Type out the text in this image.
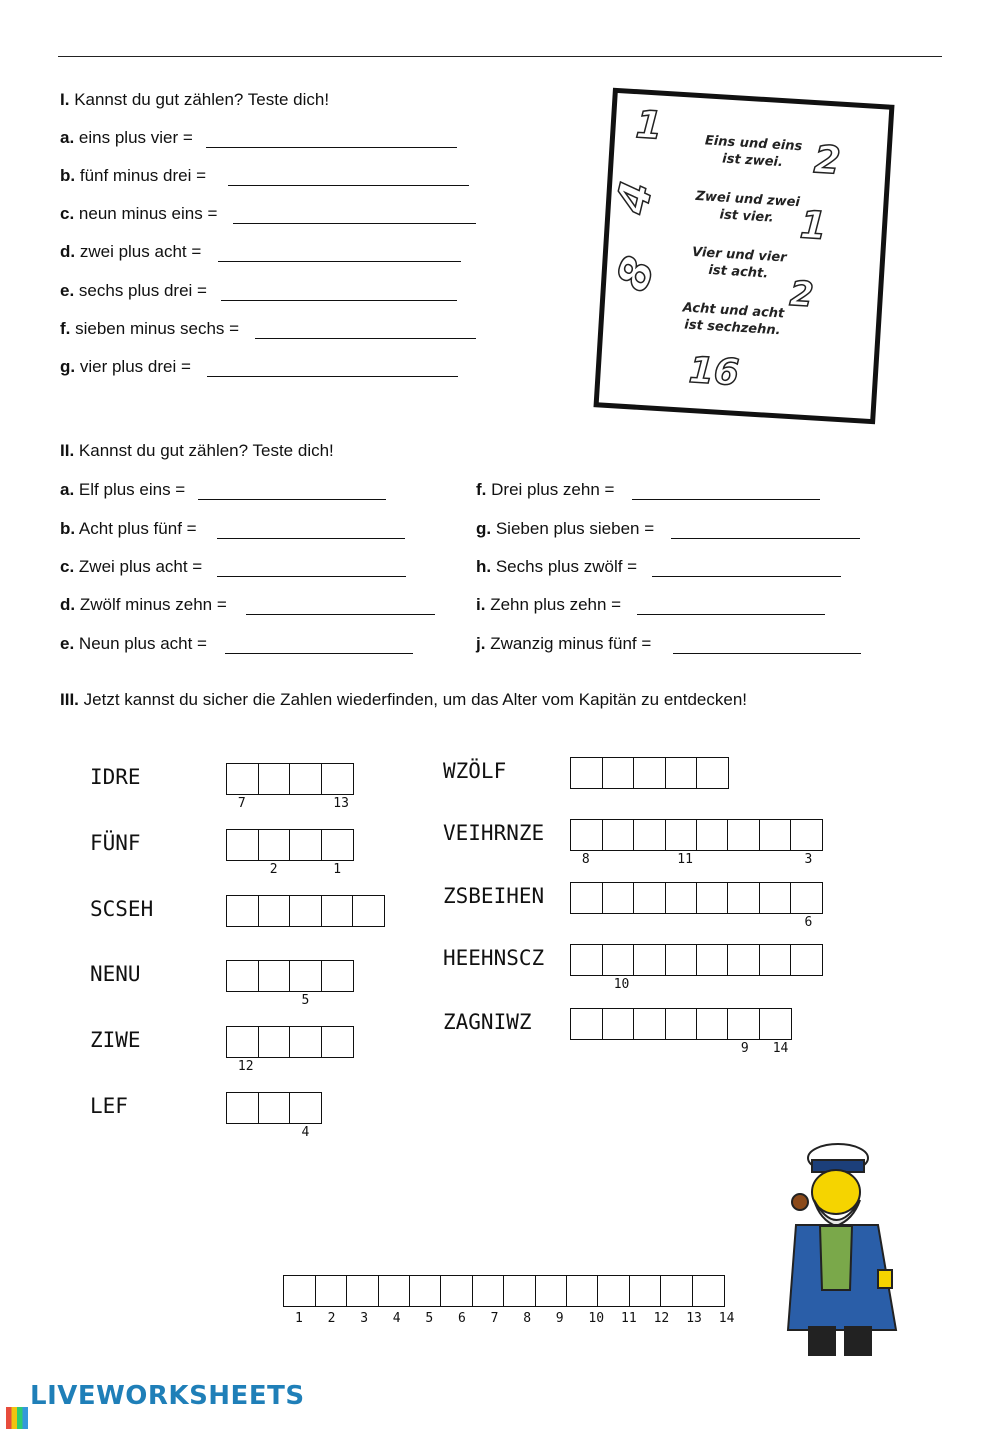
I. Kannst du gut zählen? Teste dich!
a. eins plus vier =
b. fünf minus drei =
c. neun minus eins =
d. zwei plus acht =
e. sechs plus drei =
f. sieben minus sechs =
g. vier plus drei =
Eins und eins
ist zwei.
Zwei und zwei
ist vier.
Vier und vier
ist acht.
Acht und acht
ist sechzehn.
1
2
4
1
8	2
16
II. Kannst du gut zählen? Teste dich!
a. Elf plus eins =
b. Acht plus fünf =
c. Zwei plus acht =
d. Zwölf minus zehn =
e. Neun plus acht =
f. Drei plus zehn =
g. Sieben plus sieben =
h. Sechs plus zwölf =
i. Zehn plus zehn =
j. Zwanzig minus fünf =
III. Jetzt kannst du sicher die Zahlen wiederfinden, um das Alter vom Kapitän zu entdecken!
IDRE
7	13
FÜNF
2	1
SCSEH
NENU
5
ZIWE
12
LEF
4
WZÖLF
VEIHRNZE
8	11	3
ZSBEIHEN
6
HEEHNSCZ
10
ZAGNIWZ
9 14
1 2 3 4 5 6 7 8 9 10 11 12 13 14
LIVEWORKSHEETS
